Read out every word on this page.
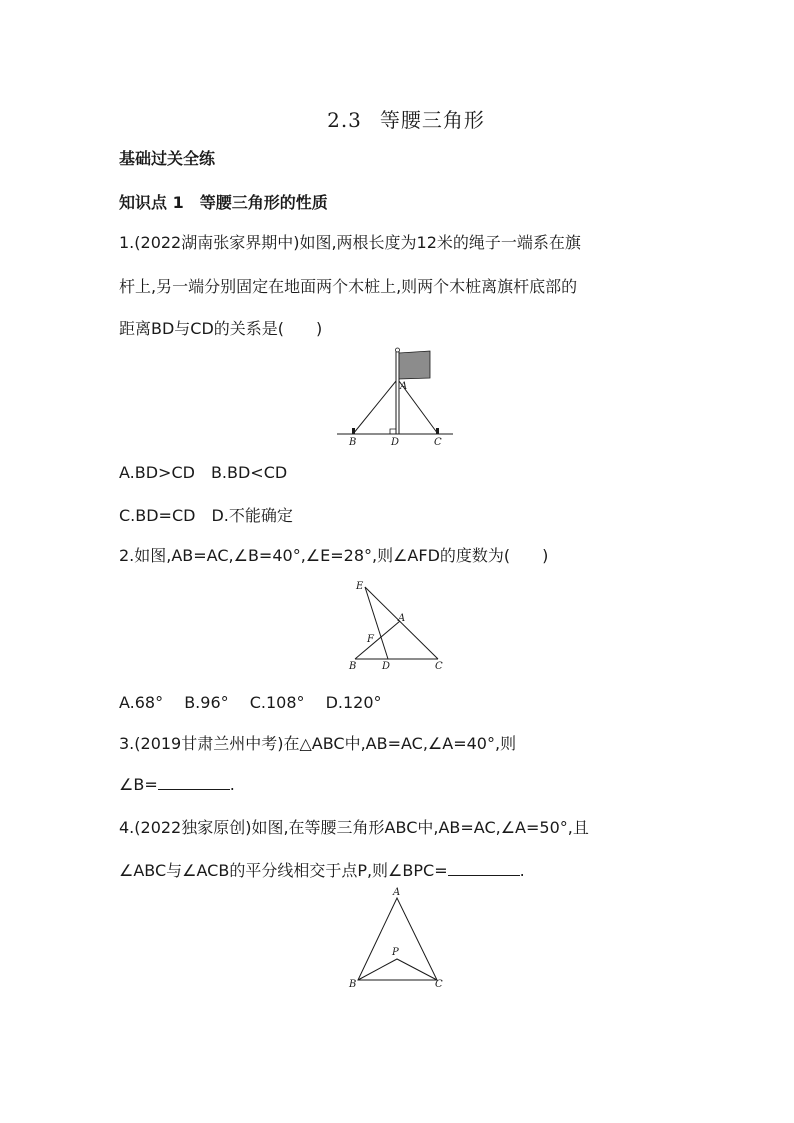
2.3 等腰三角形
基础过关全练
知识点 1　等腰三角形的性质
1.(2022湖南张家界期中)如图,两根长度为12米的绳子一端系在旗
杆上,另一端分别固定在地面两个木桩上,则两个木桩离旗杆底部的
距离BD与CD的关系是(　　)
A
B	D	C
A.BD>CD　B.BD<CD
C.BD=CD　D.不能确定
2.如图,AB=AC,∠B=40°,∠E=28°,则∠AFD的度数为(　　)
E
A
F
B	D	C
A.68°　 B.96°　 C.108°　 D.120°
3.(2019甘肃兰州中考)在△ABC中,AB=AC,∠A=40°,则
∠B=	.
4.(2022独家原创)如图,在等腰三角形ABC中,AB=AC,∠A=50°,且
∠ABC与∠ACB的平分线相交于点P,则∠BPC=	.
A
P
B	C
